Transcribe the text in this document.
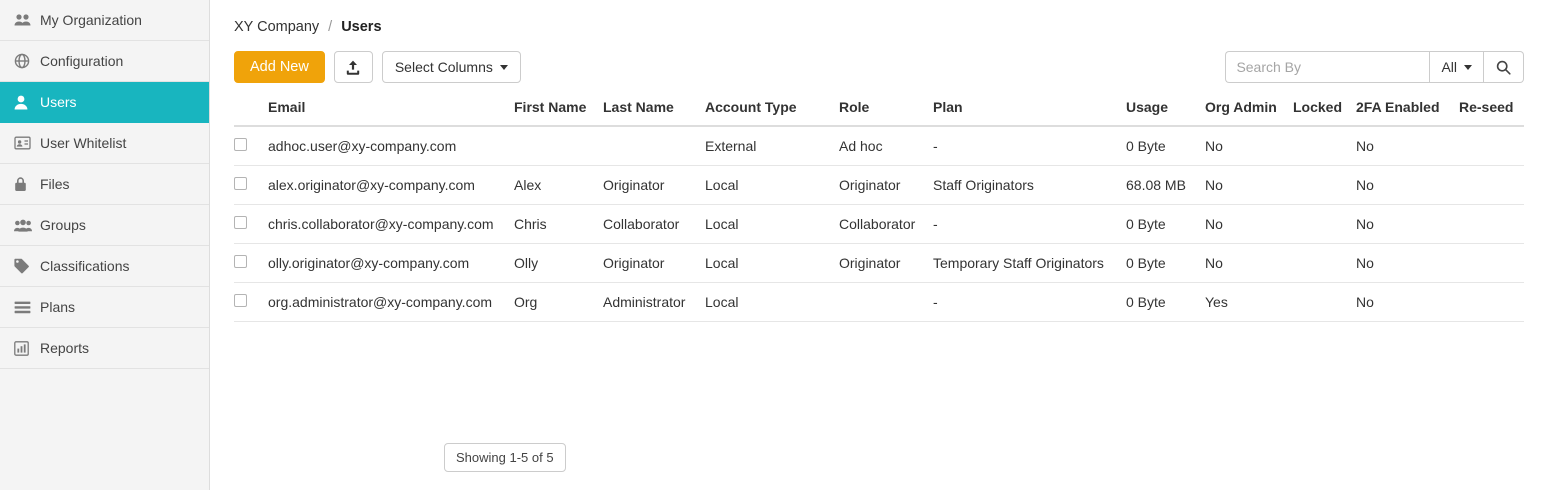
My Organization
Configuration
Users
User Whitelist
Files
Groups
Classifications
Plans
Reports
XY Company / Users
Add New	Select Columns
Search By	All
	Email	First Name	Last Name	Account Type	Role	Plan	Usage	Org Admin	Locked	2FA Enabled	Re-seed
	adhoc.user@xy-company.com			External	Ad hoc	-	0 Byte	No		No	
	alex.originator@xy-company.com	Alex	Originator	Local	Originator	Staff Originators	68.08 MB	No		No	
	chris.collaborator@xy-company.com	Chris	Collaborator	Local	Collaborator	-	0 Byte	No		No	
	olly.originator@xy-company.com	Olly	Originator	Local	Originator	Temporary Staff Originators	0 Byte	No		No	
	org.administrator@xy-company.com	Org	Administrator	Local		-	0 Byte	Yes		No	
Showing 1-5 of 5
